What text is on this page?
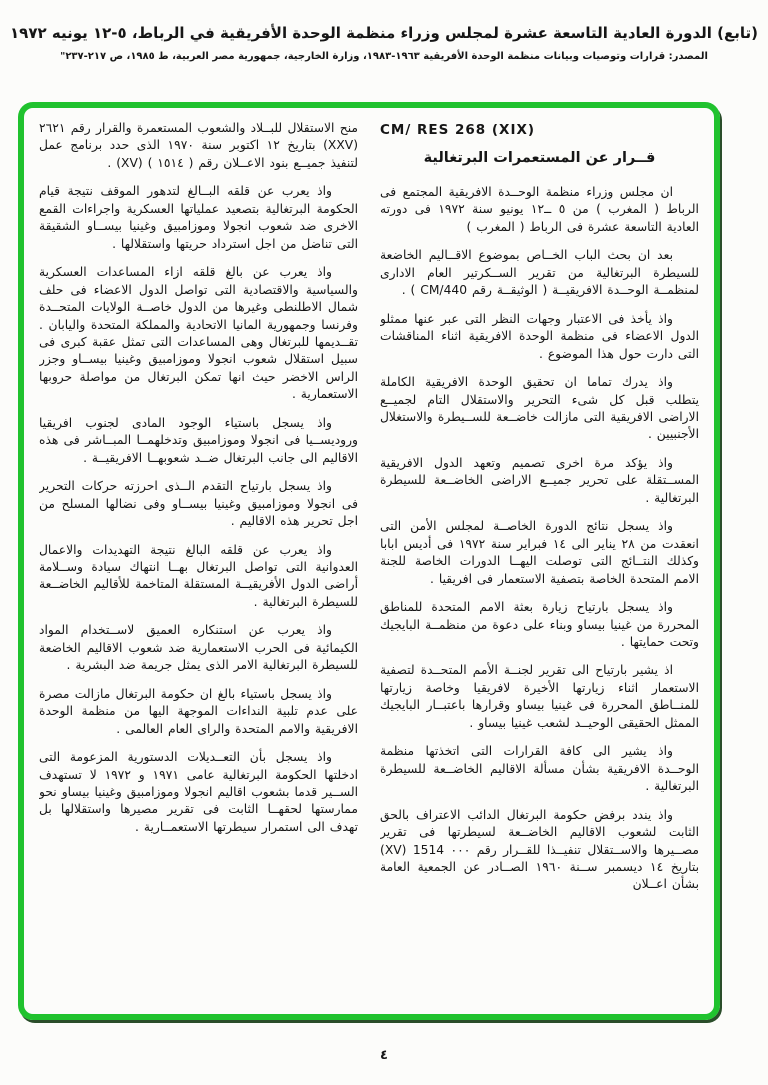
(تابع) الدورة العادية التاسعة عشرة لمجلس وزراء منظمة الوحدة الأفريقية في الرباط، ٥-١٢ يونيه ١٩٧٢
المصدر: قرارات وتوصيات وبيانات منظمة الوحدة الأفريقية ١٩٦٣-١٩٨٣، وزارة الخارجية، جمهورية مصر العربية، ط ١٩٨٥، ص ٢١٧-٢٣٧"
CM/ RES 268 (XIX)
قــرار عن المستعمرات البرتغالية

ان مجلس وزراء منظمة الوحــدة الافريقية المجتمع فى الرباط ( المغرب ) من ٥ ــ١٢ يونيو سنة ١٩٧٢ فى دورته العادية التاسعة عشرة فى الرباط ( المغرب )

بعد ان بحث الباب الخــاص بموضوع الاقــاليم الخاضعة للسيطرة البرتغالية من تقرير الســكرتير العام الادارى لمنظمــة الوحــدة الافريقيــة ( الوثيقــة رقم CM/440 ) .

واذ يأخذ فى الاعتبار وجهات النظر التى عبر عنها ممثلو الدول الاعضاء فى منظمة الوحدة الافريقية اثناء المناقشات التى دارت حول هذا الموضوع .

واذ يدرك تماما ان تحقيق الوحدة الافريقية الكاملة يتطلب قبل كل شىء التحرير والاستقلال التام لجميــع الاراضى الافريقية التى مازالت خاضــعة للســيطرة والاستغلال الأجنبيين .

واذ يؤكد مرة اخرى تصميم وتعهد الدول الافريقية المســتقلة على تحرير جميــع الاراضى الخاضــعة للسيطرة البرتغالية .

واذ يسجل نتائج الدورة الخاصــة لمجلس الأمن التى انعقدت من ٢٨ يناير الى ١٤ فبراير سنة ١٩٧٢ فى أديس ابابا وكذلك النتــائج التى توصلت اليهــا الدورات الخاصة للجنة الامم المتحدة الخاصة بتصفية الاستعمار فى افريقيا .

واذ يسجل بارتياح زيارة بعثة الامم المتحدة للمناطق المحررة من غينيا بيساو وبناء على دعوة من منظمــة البايجيك وتحت حمايتها .

اذ يشير بارتياح الى تقرير لجنــة الأمم المتحــدة لتصفية الاستعمار اثناء زيارتها الأخيرة لافريقيا وخاصة زيارتها للمنــاطق المحررة فى غينيا بيساو وقرارها باعتبــار البايجيك الممثل الحقيقى الوحيــد لشعب غينيا بيساو .

واذ يشير الى كافة القرارات التى اتخذتها منظمة الوحــدة الافريقية بشأن مسألة الاقاليم الخاضــعة للسيطرة البرتغالية .

واذ يندد برفض حكومة البرتغال الدائب الاعتراف بالحق الثابت لشعوب الاقاليم الخاضــعة لسيطرتها فى تقرير مصــيرها والاســتقلال تنفيــذا للقــرار رقم ٠٠٠ 1514 (XV) بتاريخ ١٤ ديسمبر ســنة ١٩٦٠ الصــادر عن الجمعية العامة بشأن اعــلان

منح الاستقلال للبــلاد والشعوب المستعمرة والقرار رقم ٢٦٢١ (XXV) بتاريخ ١٢ اكتوبر سنة ١٩٧٠ الذى حدد برنامج عمل لتنفيذ جميــع بنود الاعــلان رقم ( ١٥١٤ ) (XV) .

واذ يعرب عن قلقه البــالغ لتدهور الموقف نتيجة قيام الحكومة البرتغالية بتصعيد عملياتها العسكرية واجراءات القمع الاخرى ضد شعوب انجولا وموزامبيق وغينيا بيســاو الشقيقة التى تناضل من اجل استرداد حريتها واستقلالها .

واذ يعرب عن بالغ قلقه ازاء المساعدات العسكرية والسياسية والاقتصادية التى تواصل الدول الاعضاء فى حلف شمال الاطلنطى وغيرها من الدول خاصــة الولايات المتحــدة وفرنسا وجمهورية المانيا الاتحادية والمملكة المتحدة واليابان . تقــديمها للبرتغال وهى المساعدات التى تمثل عقبة كبرى فى سبيل استقلال شعوب انجولا وموزامبيق وغينيا بيســاو وجزر الراس الاخضر حيث انها تمكن البرتغال من مواصلة حروبها الاستعمارية .

واذ يسجل باستياء الوجود المادى لجنوب افريقيا وروديســيا فى انجولا وموزامبيق وتدخلهمــا المبــاشر فى هذه الاقاليم الى جانب البرتغال ضــد شعوبهــا الافريقيــة .

واذ يسجل بارتياح التقدم الــذى احرزته حركات التحرير فى انجولا وموزامبيق وغينيا بيســاو وفى نضالها المسلح من اجل تحرير هذه الاقاليم .

واذ يعرب عن قلقه البالغ نتيجة التهديدات والاعمال العدوانية التى تواصل البرتغال بهــا انتهاك سيادة وســلامة أراضى الدول الأفريقيــة المستقلة المتاخمة للأقاليم الخاضــعة للسيطرة البرتغالية .

واذ يعرب عن استنكاره العميق لاســتخدام المواد الكيمائية فى الحرب الاستعمارية ضد شعوب الاقاليم الخاضعة للسيطرة البرتغالية الامر الذى يمثل جريمة ضد البشرية .

واذ يسجل باستياء بالغ ان حكومة البرتغال مازالت مصرة على عدم تلبية النداءات الموجهة اليها من منظمة الوحدة الافريقية والامم المتحدة والراى العام العالمى .

واذ يسجل بأن التعــديلات الدستورية المزعومة التى ادخلتها الحكومة البرتغالية عامى ١٩٧١ و ١٩٧٢ لا تستهدف الســير قدما بشعوب اقاليم انجولا وموزامبيق وغينيا بيساو نحو ممارستها لحقهــا الثابت فى تقرير مصيرها واستقلالها بل تهدف الى استمرار سيطرتها الاستعمــارية .

٤
